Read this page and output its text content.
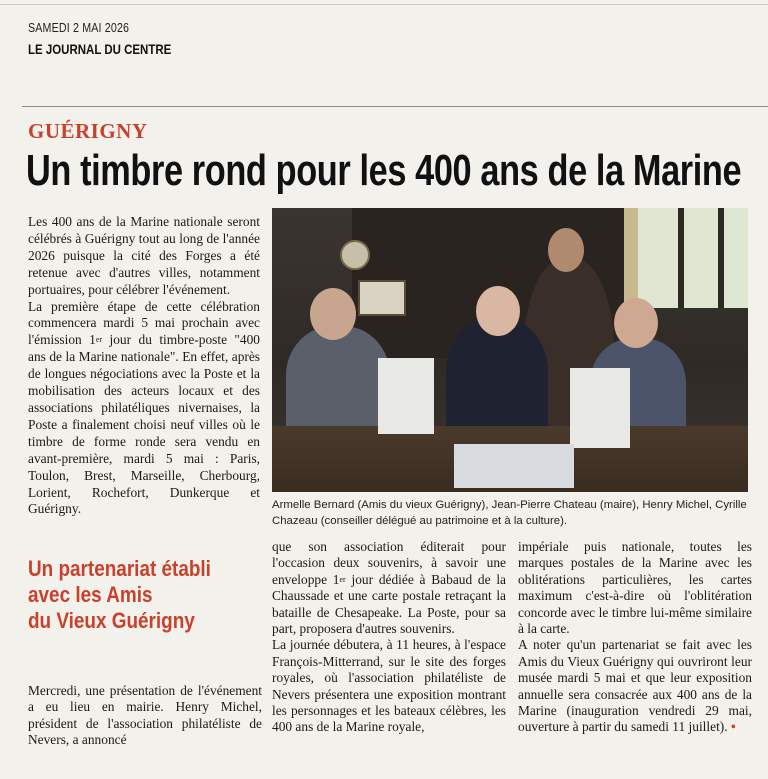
SAMEDI 2 MAI 2026
LE JOURNAL DU CENTRE
GUÉRIGNY
Un timbre rond pour les 400 ans de la Marine

Les 400 ans de la Marine nationale seront célébrés à Guérigny tout au long de l'année 2026 puisque la cité des Forges a été retenue avec d'autres villes, notamment portuaires, pour célébrer l'événement.

La première étape de cette célébration commencera mardi 5 mai prochain avec l'émission 1er jour du timbre-poste "400 ans de la Marine nationale". En effet, après de longues négociations avec la Poste et la mobilisation des acteurs locaux et des associations philatéliques nivernaises, la Poste a finalement choisi neuf villes où le timbre de forme ronde sera vendu en avant-première, mardi 5 mai : Paris, Toulon, Brest, Marseille, Cherbourg, Lorient, Rochefort, Dunkerque et Guérigny.	Armelle Bernard (Amis du vieux Guérigny), Jean-Pierre Chateau (maire), Henry Michel, Cyrille Chazeau (conseiller délégué au patrimoine et à la culture).
Un partenariat établi
avec les Amis
du Vieux Guérigny

Mercredi, une présentation de l'événement a eu lieu en mairie. Henry Michel, président de l'association philatéliste de Nevers, a annoncé

que son association éditerait pour l'occasion deux souvenirs, à savoir une enveloppe 1er jour dédiée à Babaud de la Chaussade et une carte postale retraçant la bataille de Chesapeake. La Poste, pour sa part, proposera d'autres souvenirs.

La journée débutera, à 11 heures, à l'espace François-Mitterrand, sur le site des forges royales, où l'association philatéliste de Nevers présentera une exposition montrant les personnages et les bateaux célèbres, les 400 ans de la Marine royale,

impériale puis nationale, toutes les marques postales de la Marine avec les oblitérations particulières, les cartes maximum c'est-à-dire où l'oblitération concorde avec le timbre lui-même similaire à la carte.

A noter qu'un partenariat se fait avec les Amis du Vieux Guérigny qui ouvriront leur musée mardi 5 mai et que leur exposition annuelle sera consacrée aux 400 ans de la Marine (inauguration vendredi 29 mai, ouverture à partir du samedi 11 juillet). •
